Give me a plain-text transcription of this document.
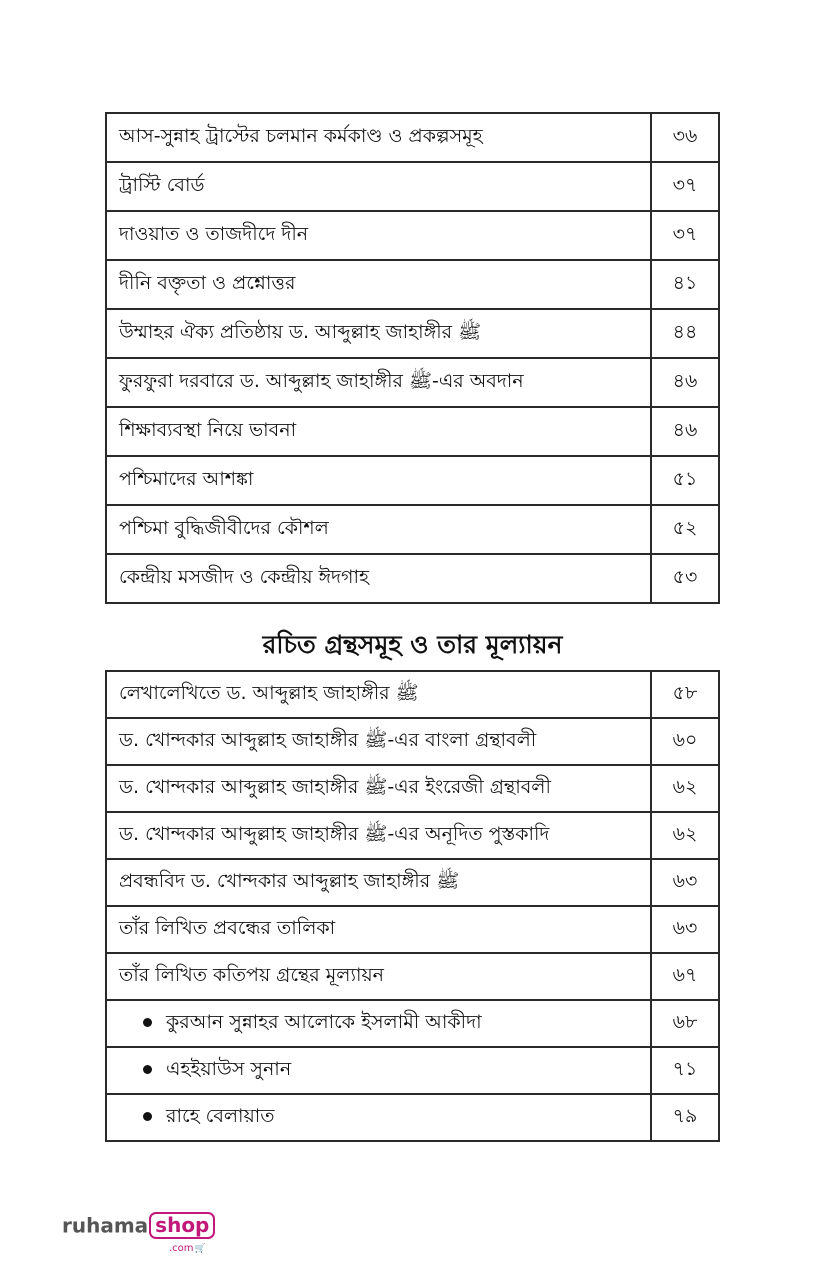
আস-সুন্নাহ ট্রাস্টের চলমান কর্মকাণ্ড ও প্রকল্পসমূহ	৩৬
ট্রাস্টি বোর্ড	৩৭
দাওয়াত ও তাজদীদে দীন	৩৭
দীনি বক্তৃতা ও প্রশ্নোত্তর	৪১
উম্মাহর ঐক্য প্রতিষ্ঠায় ড. আব্দুল্লাহ জাহাঙ্গীর ﷺ	৪৪
ফুরফুরা দরবারে ড. আব্দুল্লাহ জাহাঙ্গীর ﷺ-এর অবদান	৪৬
শিক্ষাব্যবস্থা নিয়ে ভাবনা	৪৬
পশ্চিমাদের আশঙ্কা	৫১
পশ্চিমা বুদ্ধিজীবীদের কৌশল	৫২
কেন্দ্রীয় মসজীদ ও কেন্দ্রীয় ঈদগাহ	৫৩
রচিত গ্রন্থসমূহ ও তার মূল্যায়ন
লেখালেখিতে ড. আব্দুল্লাহ জাহাঙ্গীর ﷺ	৫৮
ড. খোন্দকার আব্দুল্লাহ জাহাঙ্গীর ﷺ-এর বাংলা গ্রন্থাবলী	৬০
ড. খোন্দকার আব্দুল্লাহ জাহাঙ্গীর ﷺ-এর ইংরেজী গ্রন্থাবলী	৬২
ড. খোন্দকার আব্দুল্লাহ জাহাঙ্গীর ﷺ-এর অনূদিত পুস্তকাদি	৬২
প্রবন্ধবিদ ড. খোন্দকার আব্দুল্লাহ জাহাঙ্গীর ﷺ	৬৩
তাঁর লিখিত প্রবন্ধের তালিকা	৬৩
তাঁর লিখিত কতিপয় গ্রন্থের মূল্যায়ন	৬৭
কুরআন সুন্নাহর আলোকে ইসলামী আকীদা	৬৮
এহইয়াউস সুনান	৭১
রাহে বেলায়াত	৭৯
ruhama shop
.com🛒
